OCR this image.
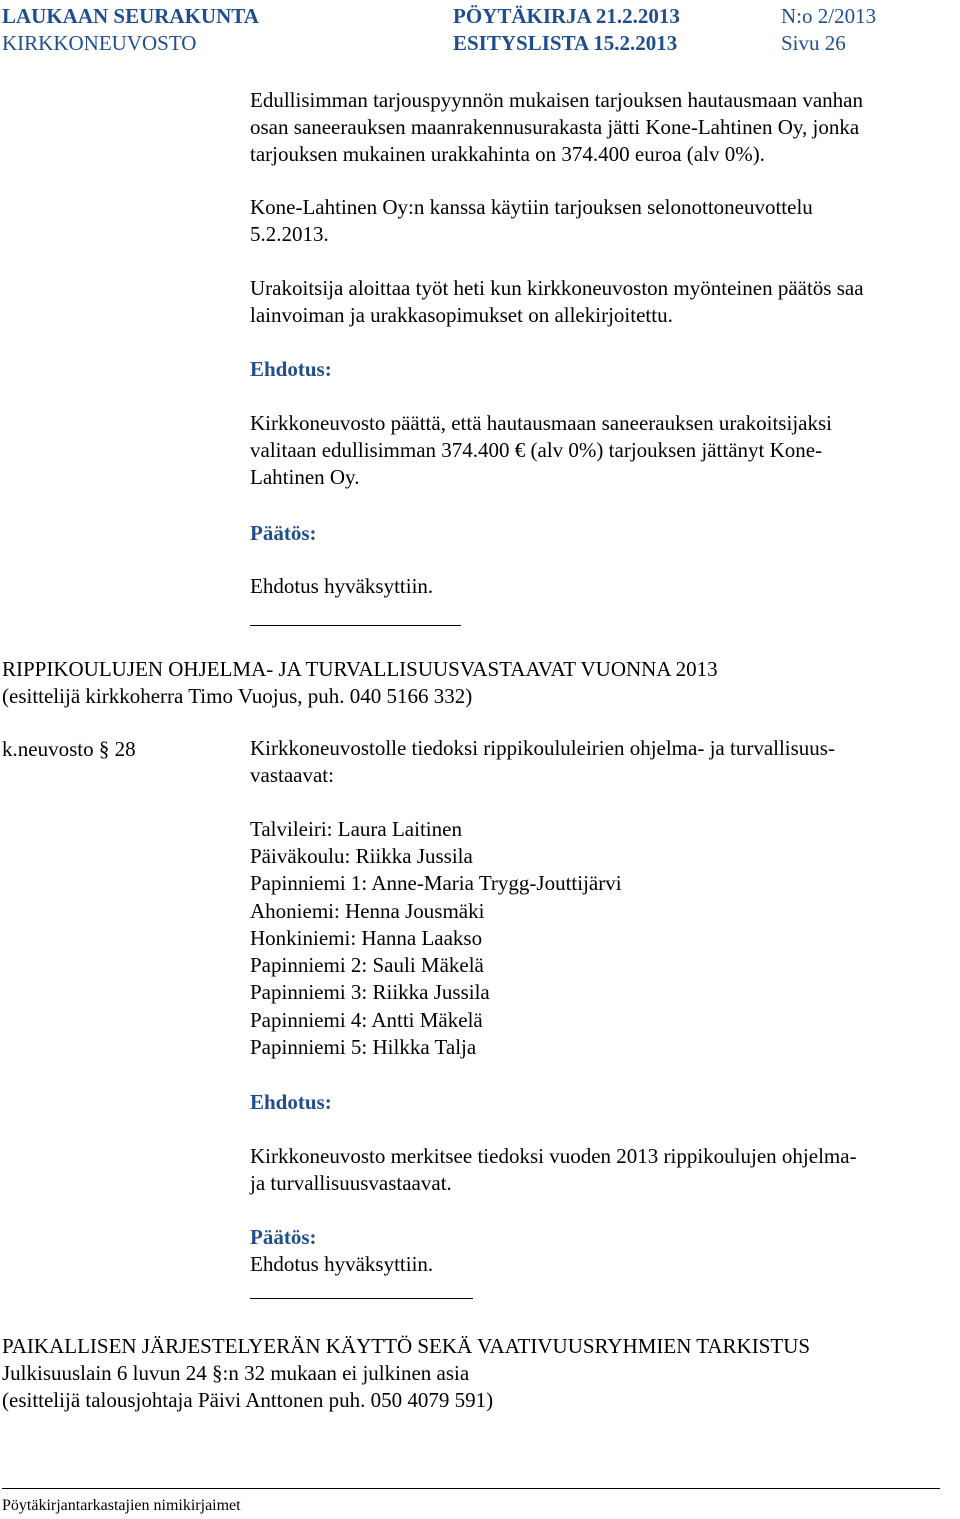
LAUKAAN SEURAKUNTA
KIRKKONEUVOSTO
PÖYTÄKIRJA 21.2.2013
ESITYSLISTA 15.2.2013
N:o 2/2013
Sivu 26
Edullisimman tarjouspyynnön mukaisen tarjouksen hautausmaan vanhan
osan saneerauksen maanrakennusurakasta jätti Kone-Lahtinen Oy, jonka
tarjouksen mukainen urakkahinta on 374.400 euroa (alv 0%).
Kone-Lahtinen Oy:n kanssa käytiin tarjouksen selonottoneuvottelu
5.2.2013.
Urakoitsija aloittaa työt heti kun kirkkoneuvoston myönteinen päätös saa
lainvoiman ja urakkasopimukset on allekirjoitettu.
Ehdotus:
Kirkkoneuvosto päättä, että hautausmaan saneerauksen urakoitsijaksi
valitaan edullisimman 374.400 € (alv 0%) tarjouksen jättänyt Kone-
Lahtinen Oy.
Päätös:
Ehdotus hyväksyttiin.
RIPPIKOULUJEN OHJELMA- JA TURVALLISUUSVASTAAVAT VUONNA 2013
(esittelijä kirkkoherra Timo Vuojus, puh. 040 5166 332)
k.neuvosto § 28	Kirkkoneuvostolle tiedoksi rippikoululeirien ohjelma- ja turvallisuus-
vastaavat:
Talvileiri: Laura Laitinen
Päiväkoulu: Riikka Jussila
Papinniemi 1: Anne-Maria Trygg-Jouttijärvi
Ahoniemi: Henna Jousmäki
Honkiniemi: Hanna Laakso
Papinniemi 2: Sauli Mäkelä
Papinniemi 3: Riikka Jussila
Papinniemi 4: Antti Mäkelä
Papinniemi 5: Hilkka Talja
Ehdotus:
Kirkkoneuvosto merkitsee tiedoksi vuoden 2013 rippikoulujen ohjelma-
ja turvallisuusvastaavat.
Päätös:
Ehdotus hyväksyttiin.
PAIKALLISEN JÄRJESTELYERÄN KÄYTTÖ SEKÄ VAATIVUUSRYHMIEN TARKISTUS
Julkisuuslain 6 luvun 24 §:n 32 mukaan ei julkinen asia
(esittelijä talousjohtaja Päivi Anttonen puh. 050 4079 591)
Pöytäkirjantarkastajien nimikirjaimet
